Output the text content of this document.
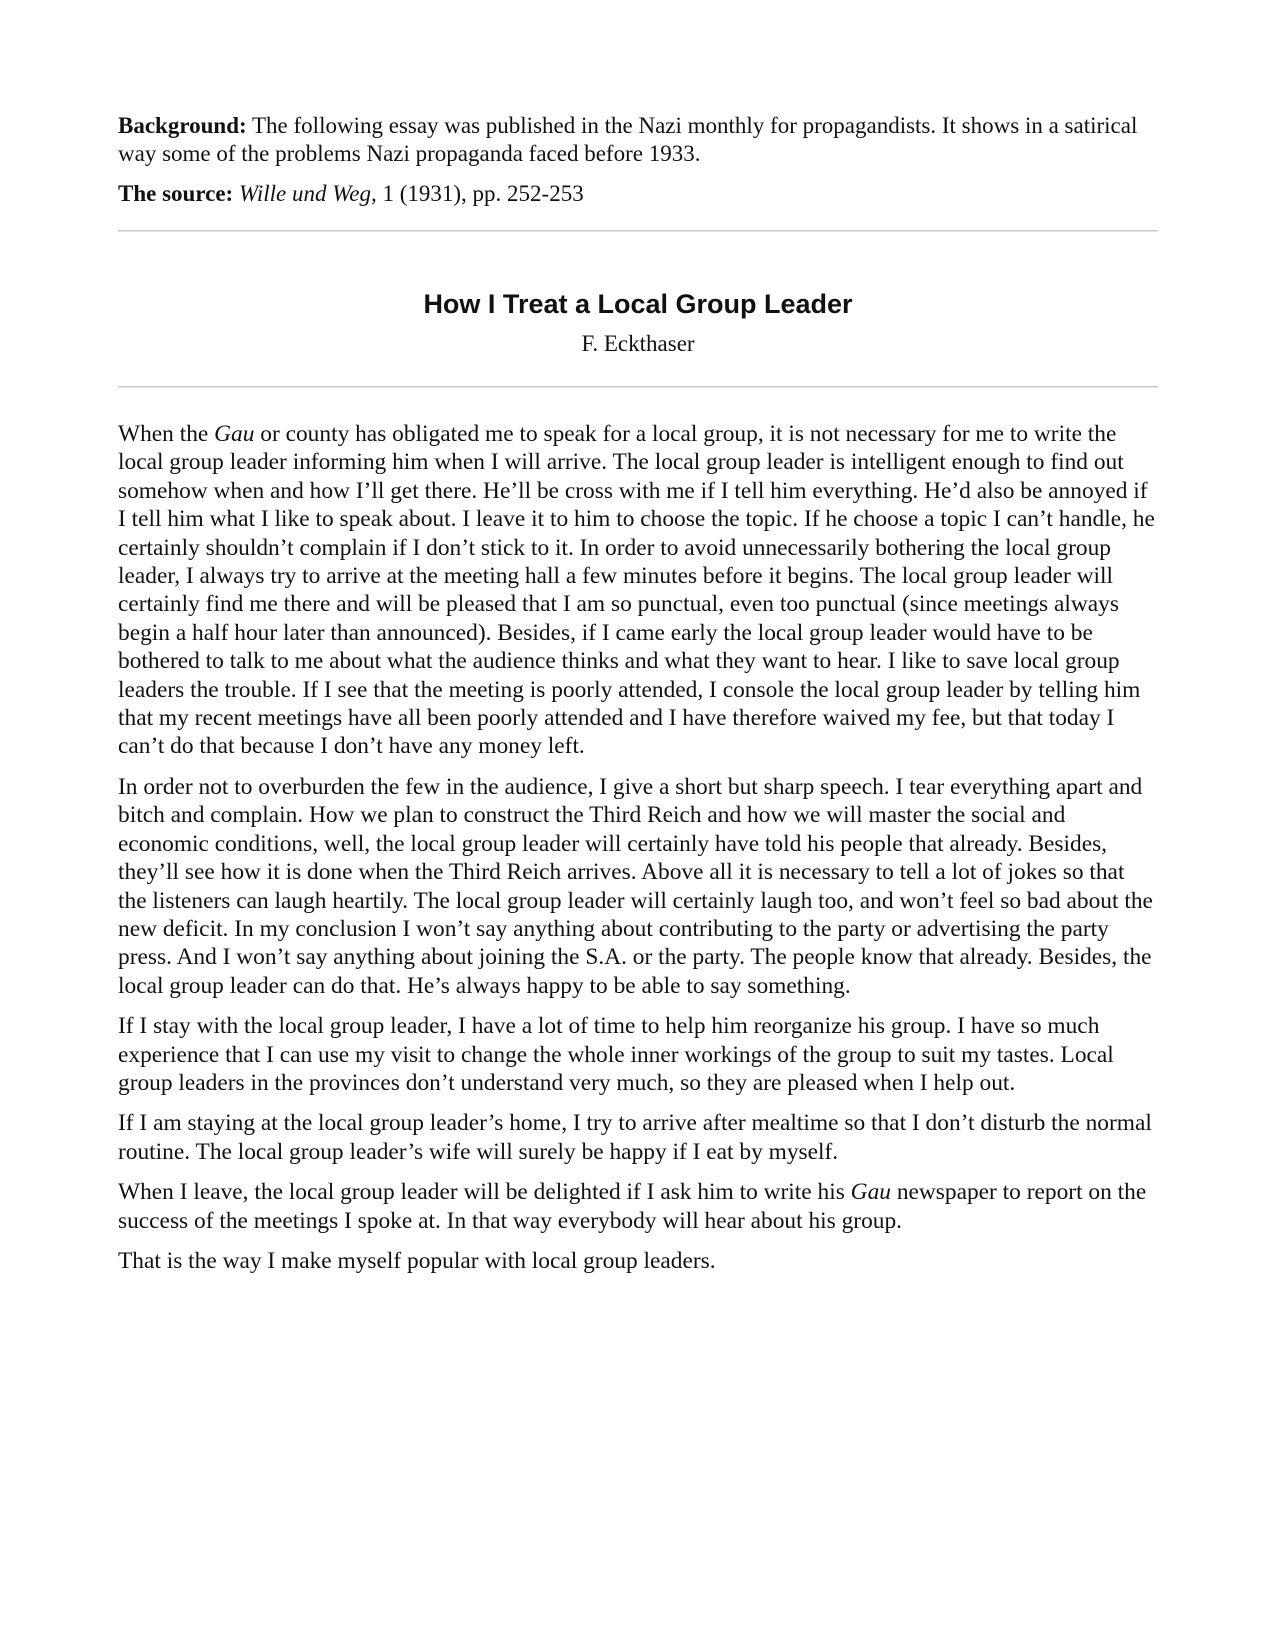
Background: The following essay was published in the Nazi monthly for propagandists. It shows in a satirical way some of the problems Nazi propaganda faced before 1933.

The source: Wille und Weg, 1 (1931), pp. 252-253

How I Treat a Local Group Leader

F. Eckthaser

When the Gau or county has obligated me to speak for a local group, it is not necessary for me to write the local group leader informing him when I will arrive. The local group leader is intelligent enough to find out somehow when and how I’ll get there. He’ll be cross with me if I tell him everything. He’d also be annoyed if I tell him what I like to speak about. I leave it to him to choose the topic. If he choose a topic I can’t handle, he certainly shouldn’t complain if I don’t stick to it. In order to avoid unnecessarily bothering the local group leader, I always try to arrive at the meeting hall a few minutes before it begins. The local group leader will certainly find me there and will be pleased that I am so punctual, even too punctual (since meetings always begin a half hour later than announced). Besides, if I came early the local group leader would have to be bothered to talk to me about what the audience thinks and what they want to hear. I like to save local group leaders the trouble. If I see that the meeting is poorly attended, I console the local group leader by telling him that my recent meetings have all been poorly attended and I have therefore waived my fee, but that today I can’t do that because I don’t have any money left.

In order not to overburden the few in the audience, I give a short but sharp speech. I tear everything apart and bitch and complain. How we plan to construct the Third Reich and how we will master the social and economic conditions, well, the local group leader will certainly have told his people that already. Besides, they’ll see how it is done when the Third Reich arrives. Above all it is necessary to tell a lot of jokes so that the listeners can laugh heartily. The local group leader will certainly laugh too, and won’t feel so bad about the new deficit. In my conclusion I won’t say anything about contributing to the party or advertising the party press. And I won’t say anything about joining the S.A. or the party. The people know that already. Besides, the local group leader can do that. He’s always happy to be able to say something.

If I stay with the local group leader, I have a lot of time to help him reorganize his group. I have so much experience that I can use my visit to change the whole inner workings of the group to suit my tastes. Local group leaders in the provinces don’t understand very much, so they are pleased when I help out.

If I am staying at the local group leader’s home, I try to arrive after mealtime so that I don’t disturb the normal routine. The local group leader’s wife will surely be happy if I eat by myself.

When I leave, the local group leader will be delighted if I ask him to write his Gau newspaper to report on the success of the meetings I spoke at. In that way everybody will hear about his group.

That is the way I make myself popular with local group leaders.
